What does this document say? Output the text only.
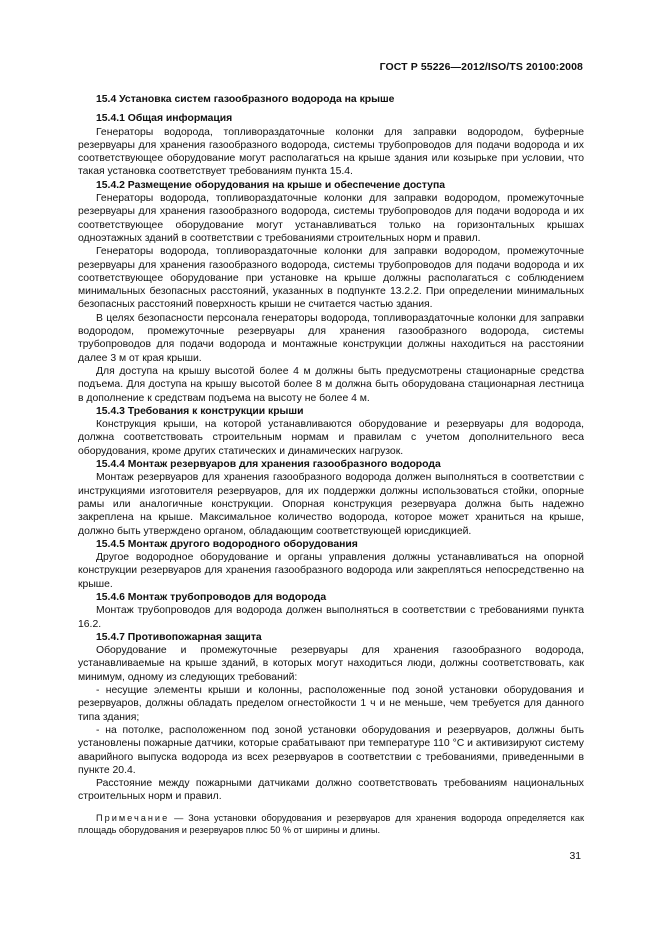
ГОСТ Р 55226—2012/ISO/TS 20100:2008

15.4 Установка систем газообразного водорода на крыше

15.4.1 Общая информация

Генераторы водорода, топливораздаточные колонки для заправки водородом, буферные резервуары для хранения газообразного водорода, системы трубопроводов для подачи водорода и их соответствующее оборудование могут располагаться на крыше здания или козырьке при условии, что такая установка соответствует требованиям пункта 15.4.

15.4.2 Размещение оборудования на крыше и обеспечение доступа

Генераторы водорода, топливораздаточные колонки для заправки водородом, промежуточные резервуары для хранения газообразного водорода, системы трубопроводов для подачи водорода и их соответствующее оборудование могут устанавливаться только на горизонтальных крышах одноэтажных зданий в соответствии с требованиями строительных норм и правил.

Генераторы водорода, топливораздаточные колонки для заправки водородом, промежуточные резервуары для хранения газообразного водорода, системы трубопроводов для подачи водорода и их соответствующее оборудование при установке на крыше должны располагаться с соблюдением минимальных безопасных расстояний, указанных в подпункте 13.2.2. При определении минимальных безопасных расстояний поверхность крыши не считается частью здания.

В целях безопасности персонала генераторы водорода, топливораздаточные колонки для заправки водородом, промежуточные резервуары для хранения газообразного водорода, системы трубопроводов для подачи водорода и монтажные конструкции должны находиться на расстоянии далее 3 м от края крыши.

Для доступа на крышу высотой более 4 м должны быть предусмотрены стационарные средства подъема. Для доступа на крышу высотой более 8 м должна быть оборудована стационарная лестница в дополнение к средствам подъема на высоту не более 4 м.

15.4.3 Требования к конструкции крыши

Конструкция крыши, на которой устанавливаются оборудование и резервуары для водорода, должна соответствовать строительным нормам и правилам с учетом дополнительного веса оборудования, кроме других статических и динамических нагрузок.

15.4.4 Монтаж резервуаров для хранения газообразного водорода

Монтаж резервуаров для хранения газообразного водорода должен выполняться в соответствии с инструкциями изготовителя резервуаров, для их поддержки должны использоваться стойки, опорные рамы или аналогичные конструкции. Опорная конструкция резервуара должна быть надежно закреплена на крыше. Максимальное количество водорода, которое может храниться на крыше, должно быть утверждено органом, обладающим соответствующей юрисдикцией.

15.4.5 Монтаж другого водородного оборудования

Другое водородное оборудование и органы управления должны устанавливаться на опорной конструкции резервуаров для хранения газообразного водорода или закрепляться непосредственно на крыше.

15.4.6 Монтаж трубопроводов для водорода

Монтаж трубопроводов для водорода должен выполняться в соответствии с требованиями пункта 16.2.

15.4.7 Противопожарная защита

Оборудование и промежуточные резервуары для хранения газообразного водорода, устанавливаемые на крыше зданий, в которых могут находиться люди, должны соответствовать, как минимум, одному из следующих требований:

- несущие элементы крыши и колонны, расположенные под зоной установки оборудования и резервуаров, должны обладать пределом огнестойкости 1 ч и не меньше, чем требуется для данного типа здания;

- на потолке, расположенном под зоной установки оборудования и резервуаров, должны быть установлены пожарные датчики, которые срабатывают при температуре 110 °С и активизируют систему аварийного выпуска водорода из всех резервуаров в соответствии с требованиями, приведенными в пункте 20.4.

Расстояние между пожарными датчиками должно соответствовать требованиям национальных строительных норм и правил.

Примечание — Зона установки оборудования и резервуаров для хранения водорода определяется как площадь оборудования и резервуаров плюс 50 % от ширины и длины.

31
